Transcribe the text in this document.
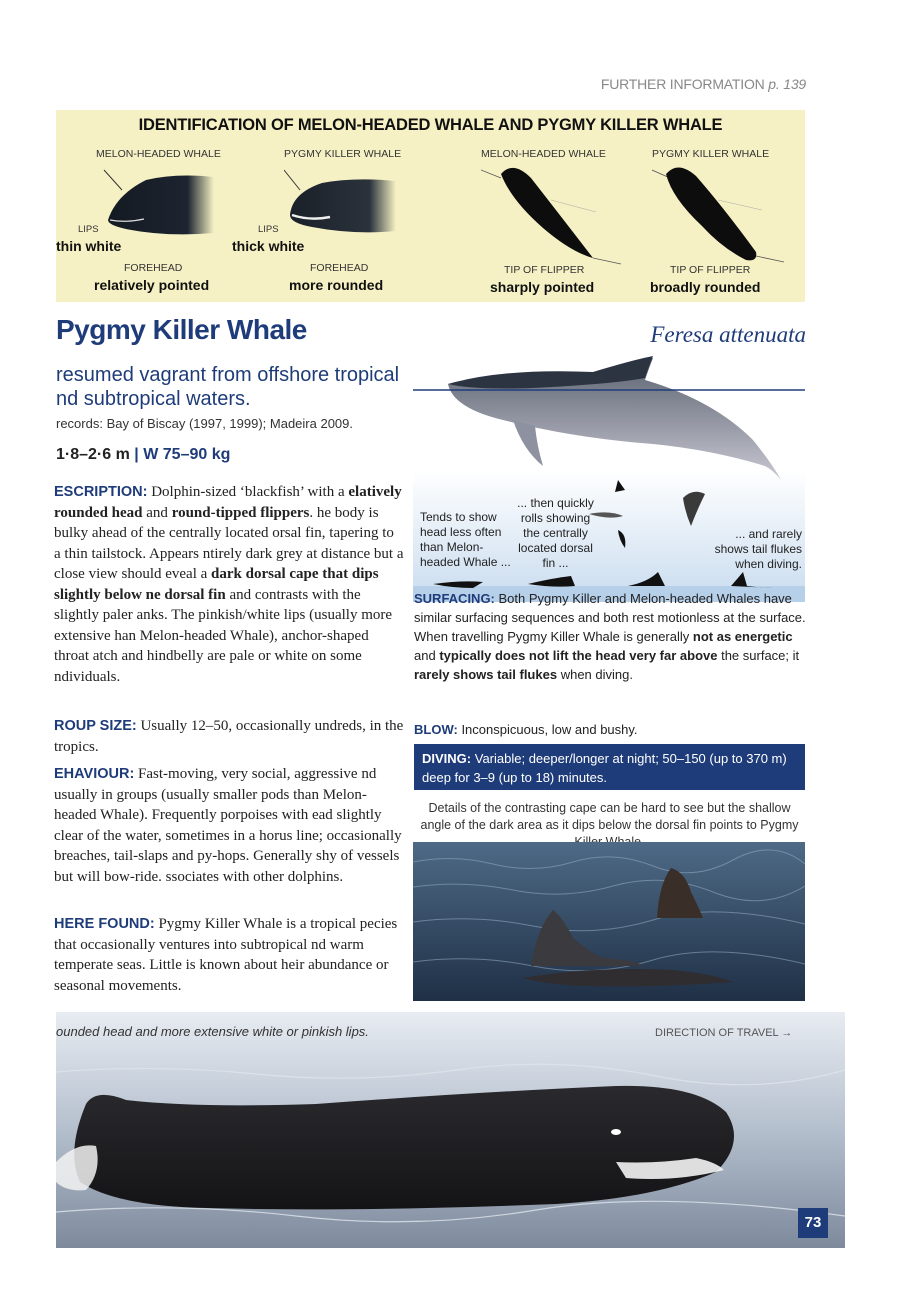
FURTHER INFORMATION p. 139
IDENTIFICATION OF MELON-HEADED WHALE AND PYGMY KILLER WHALE
MELON-HEADED WHALE	PYGMY KILLER WHALE	MELON-HEADED WHALE	PYGMY KILLER WHALE
LIPS
thin white
LIPS
thick white
FOREHEAD
relatively pointed
FOREHEAD
more rounded
TIP OF FLIPPER
sharply pointed
TIP OF FLIPPER
broadly rounded
Pygmy Killer Whale	Feresa attenuata
resumed vagrant from offshore tropical
nd subtropical waters.
records: Bay of Biscay (1997, 1999); Madeira 2009.
1·8–2·6 m | W 75–90 kg
ESCRIPTION: Dolphin-sized ‘blackfish’ with a elatively rounded head and round-tipped flippers. he body is bulky ahead of the centrally located orsal fin, tapering to a thin tailstock. Appears ntirely dark grey at distance but a close view should eveal a dark dorsal cape that dips slightly below ne dorsal fin and contrasts with the slightly paler anks. The pinkish/white lips (usually more extensive han Melon-headed Whale), anchor-shaped throat atch and hindbelly are pale or white on some ndividuals.
ROUP SIZE: Usually 12–50, occasionally undreds, in the tropics.
EHAVIOUR: Fast-moving, very social, aggressive nd usually in groups (usually smaller pods than Melon-headed Whale). Frequently porpoises with ead slightly clear of the water, sometimes in a horus line; occasionally breaches, tail-slaps and py-hops. Generally shy of vessels but will bow-ride. ssociates with other dolphins.
HERE FOUND: Pygmy Killer Whale is a tropical pecies that occasionally ventures into subtropical nd warm temperate seas. Little is known about heir abundance or seasonal movements.
Tends to show head less often than Melon-headed Whale ...
... then quickly rolls showing the centrally located dorsal fin ...
... and rarely shows tail flukes when diving.
SURFACING: Both Pygmy Killer and Melon-headed Whales have similar surfacing sequences and both rest motionless at the surface. When travelling Pygmy Killer Whale is generally not as energetic and typically does not lift the head very far above the surface; it rarely shows tail flukes when diving.
BLOW: Inconspicuous, low and bushy.
DIVING: Variable; deeper/longer at night; 50–150 (up to 370 m) deep for 3–9 (up to 18) minutes.
Details of the contrasting cape can be hard to see but the shallow angle of the dark area as it dips below the dorsal fin points to Pygmy
ounded head and more extensive white or pinkish lips.	DIRECTION OF TRAVEL →
73
